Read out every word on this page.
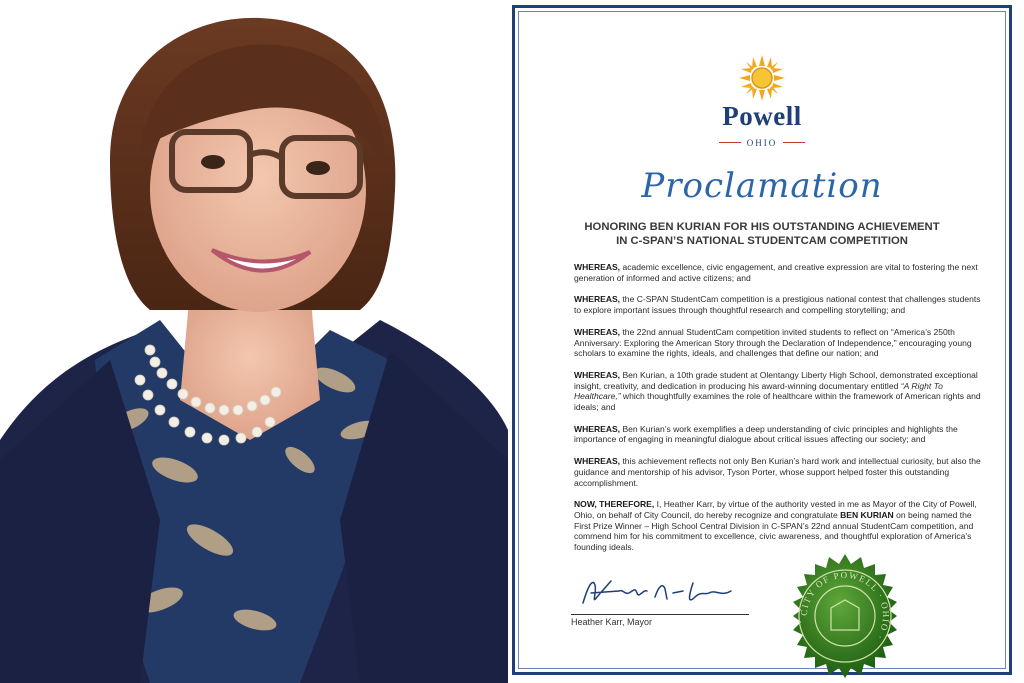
Powell
OHIO
Proclamation
HONORING BEN KURIAN FOR HIS OUTSTANDING ACHIEVEMENT
IN C-SPAN’S NATIONAL STUDENTCAM COMPETITION

WHEREAS, academic excellence, civic engagement, and creative expression are vital to fostering the next generation of informed and active citizens; and

WHEREAS, the C-SPAN StudentCam competition is a prestigious national contest that challenges students to explore important issues through thoughtful research and compelling storytelling; and

WHEREAS, the 22nd annual StudentCam competition invited students to reflect on “America’s 250th Anniversary: Exploring the American Story through the Declaration of Independence,” encouraging young scholars to examine the rights, ideals, and challenges that define our nation; and

WHEREAS, Ben Kurian, a 10th grade student at Olentangy Liberty High School, demonstrated exceptional insight, creativity, and dedication in producing his award-winning documentary entitled “A Right To Healthcare,” which thoughtfully examines the role of healthcare within the framework of American rights and ideals; and

WHEREAS, Ben Kurian’s work exemplifies a deep understanding of civic principles and highlights the importance of engaging in meaningful dialogue about critical issues affecting our society; and

WHEREAS, this achievement reflects not only Ben Kurian’s hard work and intellectual curiosity, but also the guidance and mentorship of his advisor, Tyson Porter, whose support helped foster this outstanding accomplishment.

NOW, THEREFORE, I, Heather Karr, by virtue of the authority vested in me as Mayor of the City of Powell, Ohio, on behalf of City Council, do hereby recognize and congratulate BEN KURIAN on being named the First Prize Winner – High School Central Division in C-SPAN’s 22nd annual StudentCam competition, and commend him for his commitment to excellence, civic awareness, and thoughtful exploration of America’s founding ideals.

Heather Karr, Mayor
CITY OF POWELL · OHIO ·
